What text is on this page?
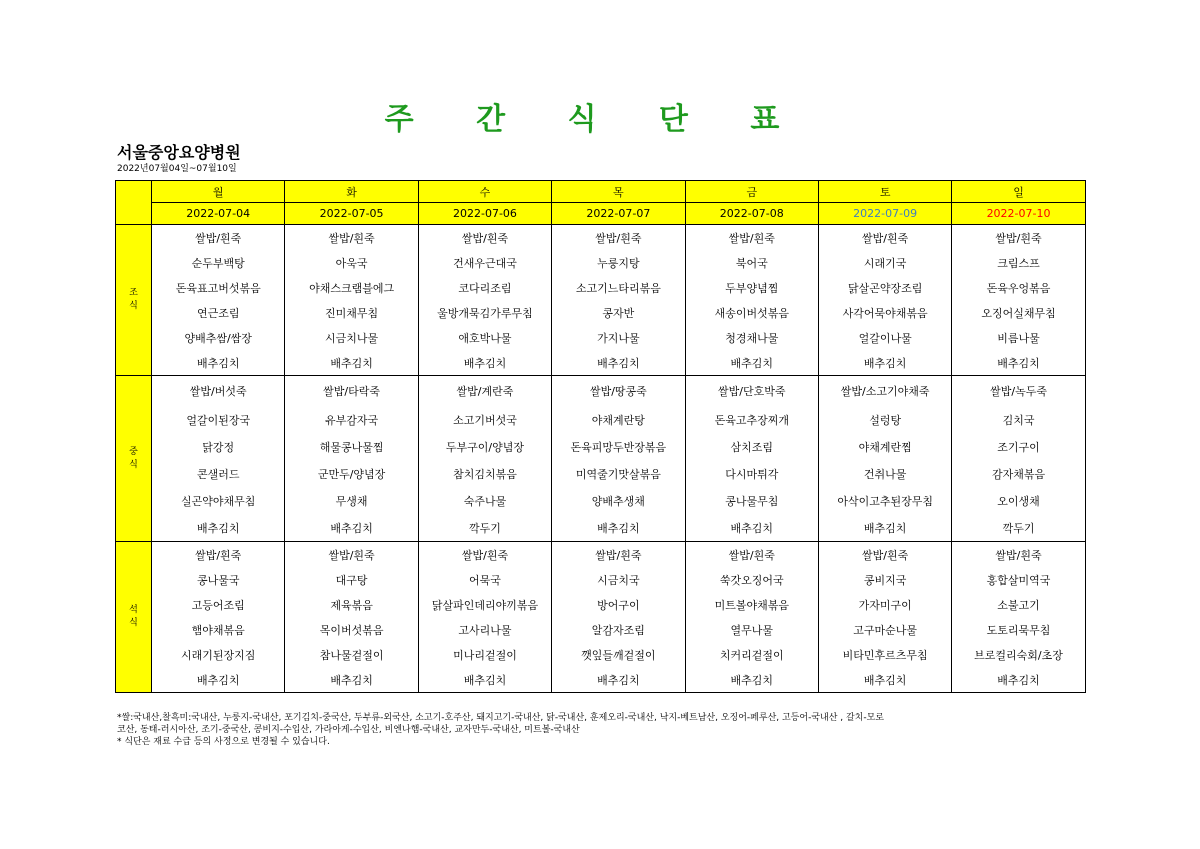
주 간 식 단 표
서울중앙요양병원
2022년07월04일~07월10일
	월	화	수	목	금	토	일
	2022-07-04	2022-07-05	2022-07-06	2022-07-07	2022-07-08	2022-07-09	2022-07-10

조
식	쌀밥/흰죽	쌀밥/흰죽	쌀밥/흰죽	쌀밥/흰죽	쌀밥/흰죽	쌀밥/흰죽	쌀밥/흰죽
	순두부백탕	아욱국	건새우근대국	누룽지탕	북어국	시래기국	크림스프
	돈육표고버섯볶음	야채스크램블에그	코다리조림	소고기느타리볶음	두부양념찜	닭살곤약장조림	돈육우엉볶음
	연근조림	진미채무침	울방개묵김가루무침	콩자반	새송이버섯볶음	사각어묵야채볶음	오징어실채무침
	양배추쌈/쌈장	시금치나물	애호박나물	가지나물	청경채나물	얼갈이나물	비름나물
	배추김치	배추김치	배추김치	배추김치	배추김치	배추김치	배추김치

중
식	쌀밥/버섯죽	쌀밥/타락죽	쌀밥/계란죽	쌀밥/땅콩죽	쌀밥/단호박죽	쌀밥/소고기야채죽	쌀밥/녹두죽
	얼갈이된장국	유부감자국	소고기버섯국	야채계란탕	돈육고추장찌개	설렁탕	김치국
	닭강정	해물콩나물찜	두부구이/양념장	돈육피망두반장볶음	삼치조림	야채계란찜	조기구이
	콘샐러드	군만두/양념장	참치김치볶음	미역줄기맛살볶음	다시마튀각	건취나물	감자채볶음
	실곤약야채무침	무생채	숙주나물	양배추생채	콩나물무침	아삭이고추된장무침	오이생채
	배추김치	배추김치	깍두기	배추김치	배추김치	배추김치	깍두기

석
식	쌀밥/흰죽	쌀밥/흰죽	쌀밥/흰죽	쌀밥/흰죽	쌀밥/흰죽	쌀밥/흰죽	쌀밥/흰죽
	콩나물국	대구탕	어묵국	시금치국	쑥갓오징어국	콩비지국	홍합살미역국
	고등어조림	제육볶음	닭살파인데리야끼볶음	방어구이	미트볼야채볶음	가자미구이	소불고기
	햄야채볶음	목이버섯볶음	고사리나물	알감자조림	열무나물	고구마순나물	도토리묵무침
	시래기된장지짐	참나물겉절이	미나리겉절이	깻잎들깨겉절이	치커리겉절이	비타민후르츠무침	브로컬리숙회/초장
	배추김치	배추김치	배추김치	배추김치	배추김치	배추김치	배추김치

*쌀:국내산,찰흑미:국내산, 누룽지-국내산, 포기김치-중국산, 두부류-외국산, 소고기-호주산, 돼지고기-국내산, 닭-국내산, 훈제오리-국내산, 낙지-베트남산, 오징어-페루산, 고등어-국내산 , 갈치-모로

코산, 동태-러시아산, 조기-중국산, 콩비지-수입산, 가라아게-수입산, 비엔나햄-국내산, 교자만두-국내산, 미트볼-국내산

* 식단은 재료 수급 등의 사정으로 변경될 수 있습니다.
